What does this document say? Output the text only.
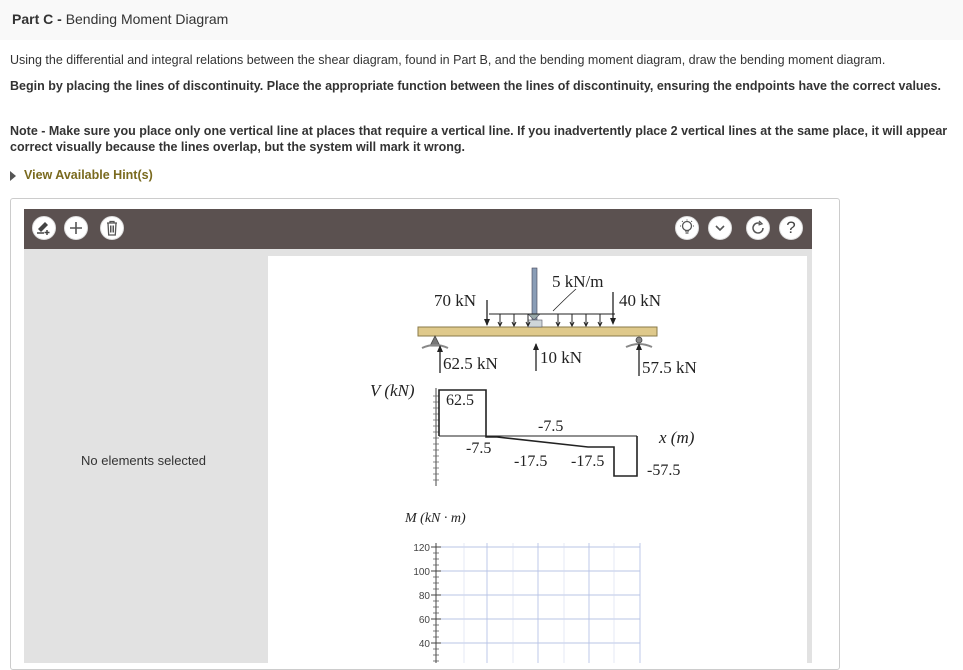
Part C - Bending Moment Diagram
Using the differential and integral relations between the shear diagram, found in Part B, and the bending moment diagram, draw the bending moment diagram.
Begin by placing the lines of discontinuity. Place the appropriate function between the lines of discontinuity, ensuring the endpoints have the correct values.
Note - Make sure you place only one vertical line at places that require a vertical line. If you inadvertently place 2 vertical lines at the same place, it will appear correct visually because the lines overlap, but the system will mark it wrong.
View Available Hint(s)
?
No elements selected
70 kN
5 kN/m
40 kN
62.5 kN 10 kN
57.5 kN
V (kN)
62.5
-7.5
-7.5
-17.5 -17.5
-57.5
x (m)
M (kN · m)
120
100
80
60
40
